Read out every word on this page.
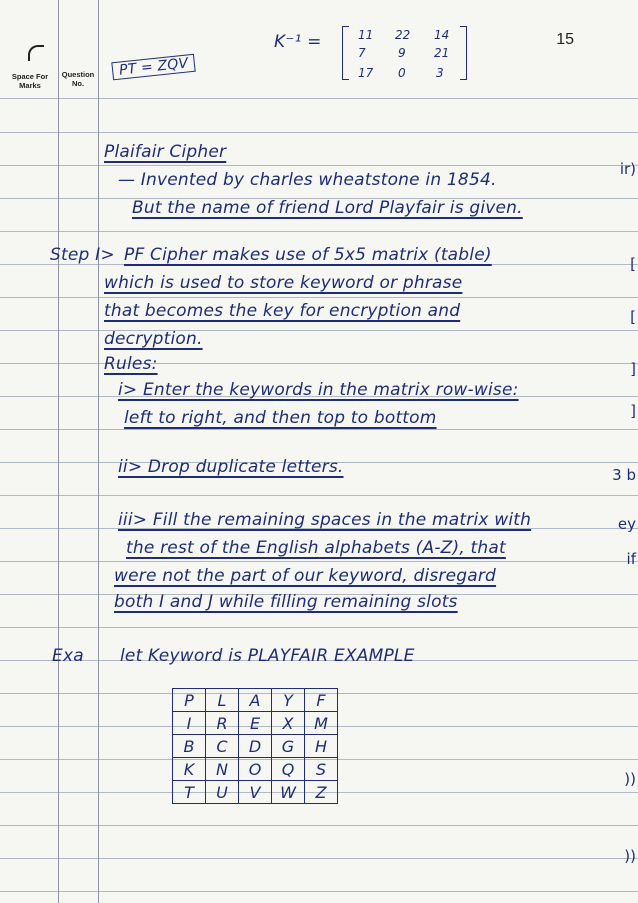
Space For Marks
Question No.
15
PT = ZQV
K⁻¹ =	11 22 14
7	9 21
17 0	3
Plaifair Cipher
— Invented by charles wheatstone in 1854.
But the name of friend Lord Playfair is given.
Step I> PF Cipher makes use of 5x5 matrix (table)
which is used to store keyword or phrase
that becomes the key for encryption and
decryption.
Rules:
i> Enter the keywords in the matrix row-wise:
left to right, and then top to bottom
ii> Drop duplicate letters.
iii> Fill the remaining spaces in the matrix with
the rest of the English alphabets (A-Z), that
were not the part of our keyword, disregard
both I and J while filling remaining slots
Exa let Keyword is PLAYFAIR EXAMPLE
P	L	A	Y	F
I	R	E	X	M
B	C	D	G	H
K	N	O	Q	S
T	U	V	W	Z
ir)
[
[
]
]
3 b
ey
if
))
))
